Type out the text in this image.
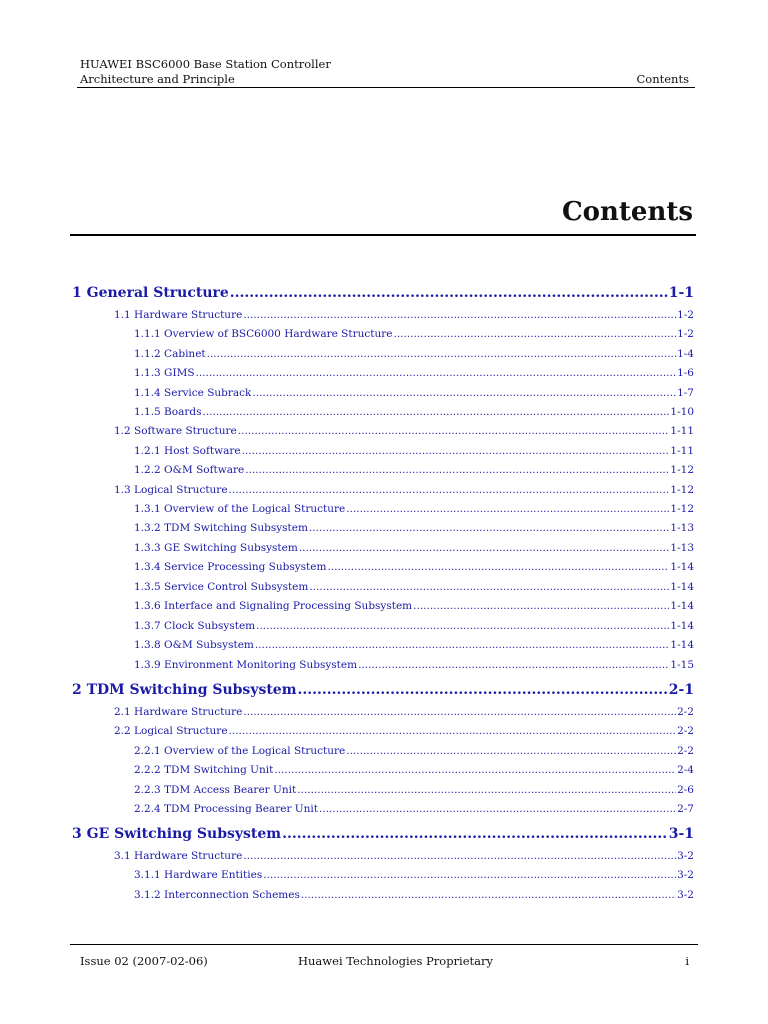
HUAWEI BSC6000 Base Station Controller
Architecture and Principle	Contents
Contents
1 General Structure .....	1-1
1.1 Hardware Structure .....	1-2
1.1.1 Overview of BSC6000 Hardware Structure .....	1-2
1.1.2 Cabinet .....	1-4
1.1.3 GIMS .....	1-6
1.1.4 Service Subrack .....	1-7
1.1.5 Boards .....	1-10
1.2 Software Structure .....	1-11
1.2.1 Host Software .....	1-11
1.2.2 O&M Software .....	1-12
1.3 Logical Structure .....	1-12
1.3.1 Overview of the Logical Structure .....	1-12
1.3.2 TDM Switching Subsystem .....	1-13
1.3.3 GE Switching Subsystem .....	1-13
1.3.4 Service Processing Subsystem .....	1-14
1.3.5 Service Control Subsystem .....	1-14
1.3.6 Interface and Signaling Processing Subsystem .....	1-14
1.3.7 Clock Subsystem .....	1-14
1.3.8 O&M Subsystem .....	1-14
1.3.9 Environment Monitoring Subsystem .....	1-15
2 TDM Switching Subsystem .....	2-1
2.1 Hardware Structure .....	2-2
2.2 Logical Structure .....	2-2
2.2.1 Overview of the Logical Structure .....	2-2
2.2.2 TDM Switching Unit .....	2-4
2.2.3 TDM Access Bearer Unit .....	2-6
2.2.4 TDM Processing Bearer Unit .....	2-7
3 GE Switching Subsystem .....	3-1
3.1 Hardware Structure .....	3-2
3.1.1 Hardware Entities .....	3-2
3.1.2 Interconnection Schemes .....	3-2
Issue 02 (2007-02-06)	Huawei Technologies Proprietary	i
